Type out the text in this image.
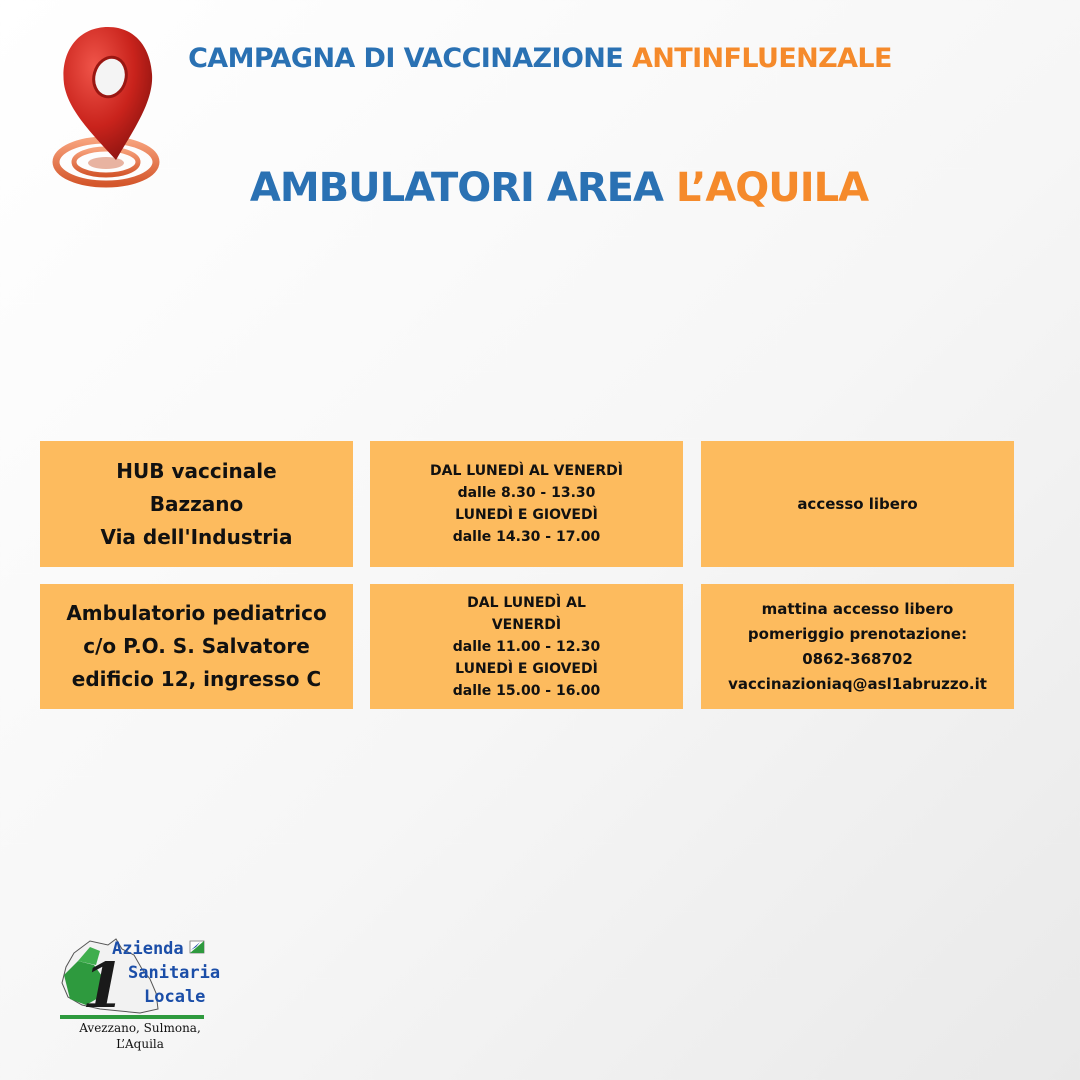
CAMPAGNA DI VACCINAZIONE ANTINFLUENZALE
AMBULATORI AREA L’AQUILA
HUB vaccinale
Bazzano
Via dell'Industria
DAL LUNEDÌ AL VENERDÌ
dalle 8.30 - 13.30
LUNEDÌ E GIOVEDÌ
dalle 14.30 - 17.00
accesso libero
Ambulatorio pediatrico
c/o P.O. S. Salvatore
edificio 12, ingresso C
DAL LUNEDÌ AL
VENERDÌ
dalle 11.00 - 12.30
LUNEDÌ E GIOVEDÌ
dalle 15.00 - 16.00
mattina accesso libero
pomeriggio prenotazione:
0862-368702
vaccinazioniaq@asl1abruzzo.it
1
Azienda
Sanitaria
Locale
Avezzano, Sulmona,
L’Aquila
